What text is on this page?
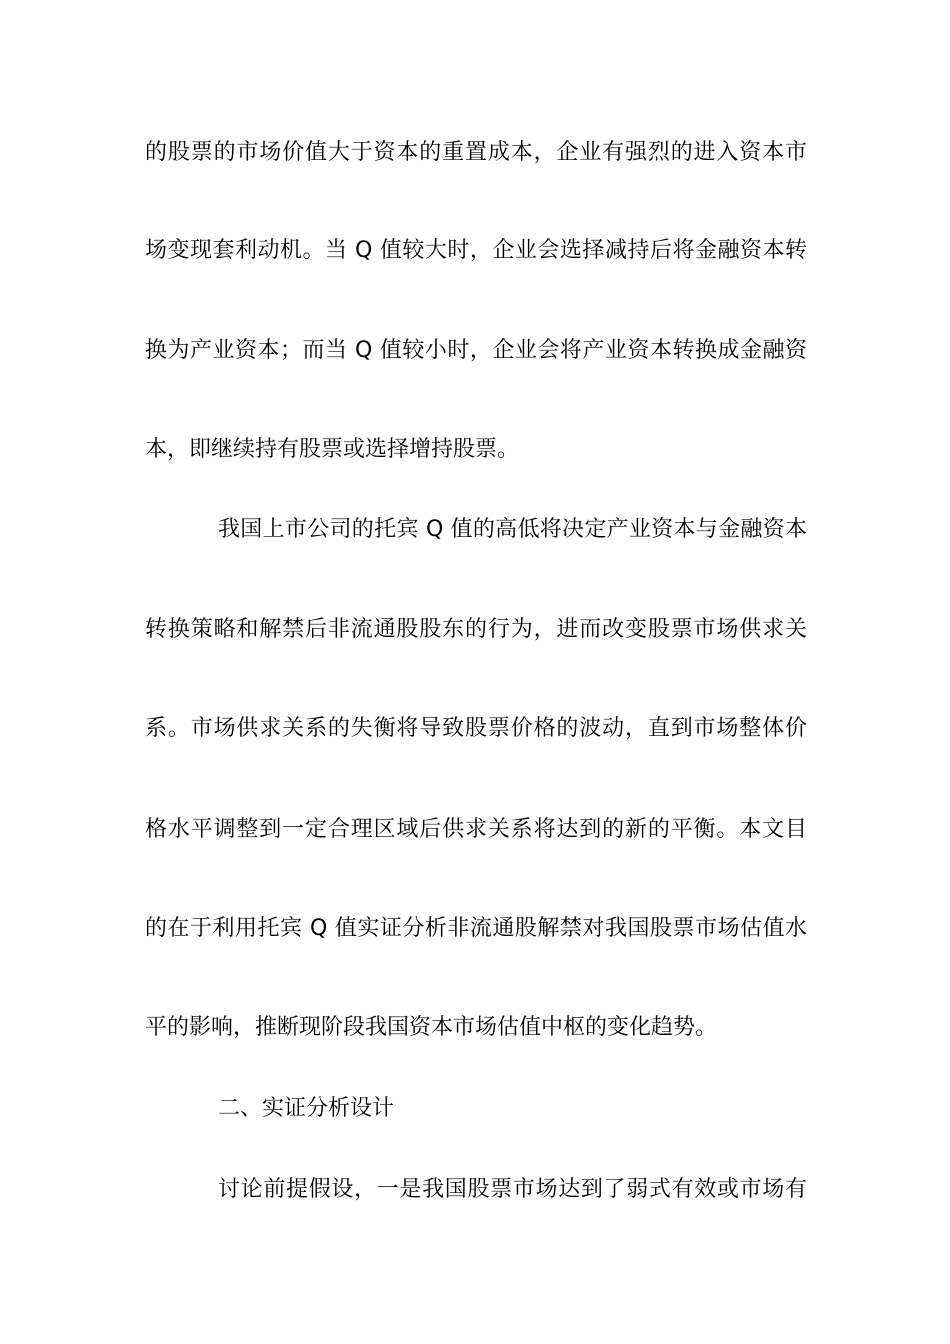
的股票的市场价值大于资本的重置成本，企业有强烈的进入资本市
场变现套利动机。当 Q 值较大时，企业会选择减持后将金融资本转
换为产业资本；而当 Q 值较小时，企业会将产业资本转换成金融资
本，即继续持有股票或选择增持股票。
我国上市公司的托宾 Q 值的高低将决定产业资本与金融资本
转换策略和解禁后非流通股股东的行为，进而改变股票市场供求关
系。市场供求关系的失衡将导致股票价格的波动，直到市场整体价
格水平调整到一定合理区域后供求关系将达到的新的平衡。本文目
的在于利用托宾 Q 值实证分析非流通股解禁对我国股票市场估值水
平的影响，推断现阶段我国资本市场估值中枢的变化趋势。
二、实证分析设计
讨论前提假设，一是我国股票市场达到了弱式有效或市场有
